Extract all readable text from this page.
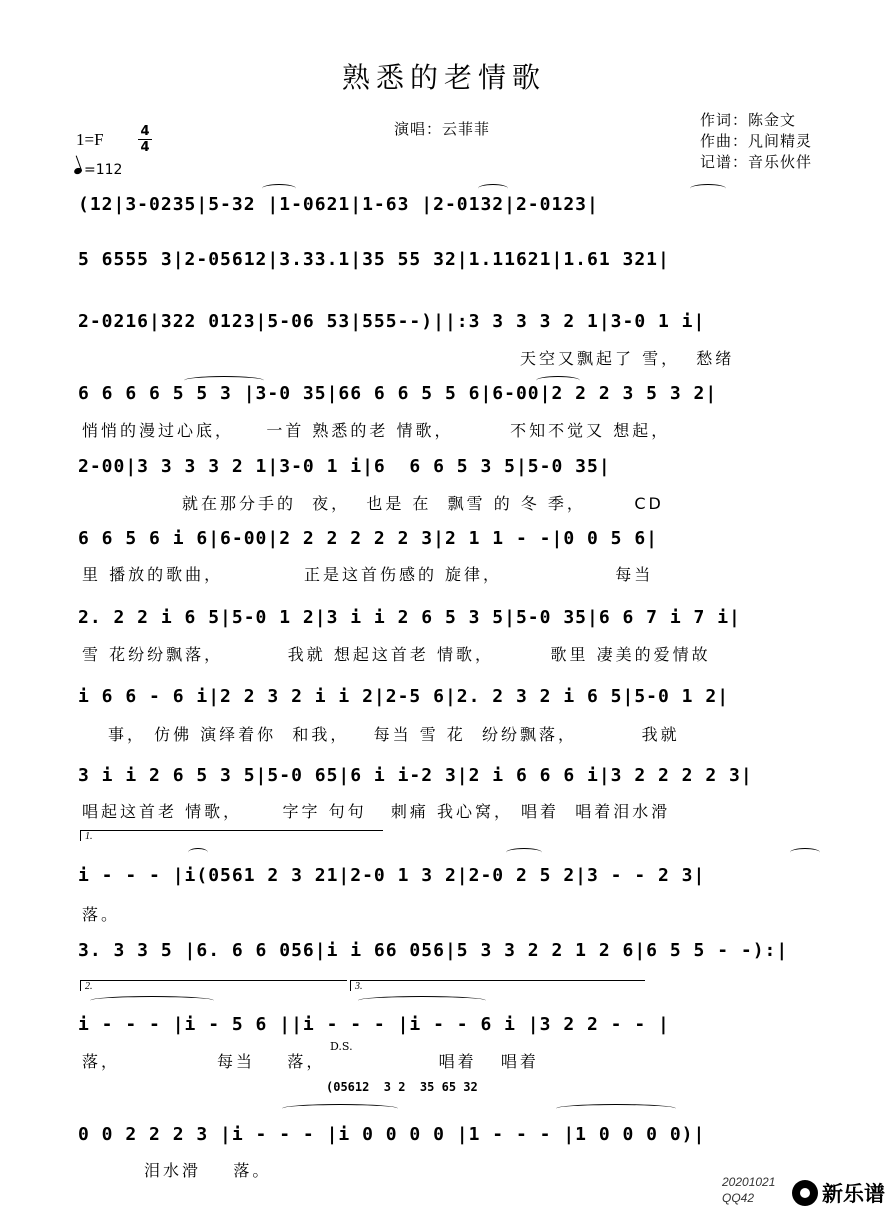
熟悉的老情歌
演唱：云菲菲	作词：陈金文
作曲：凡间精灵
记谱：音乐伙伴
1=F	$\frac{4}{4}$
=112
(12|3-0235|5-32 |1-0621|1-63 |2-0132|2-0123|
5 6555 3|2-05612|3.33.1|35 55 32|1.11621|1.61 321|
2-0216|322 0123|5-06 53|555--)||:3 3 3 3 2 1|3-0 1 i|
天空又飘起了 雪，  愁绪
6 6 6 6 5 5 3 |3-0 35|66 6 6 5 5 6|6-00|2 2 2 3 5 3 2|
悄悄的漫过心底，    一首 熟悉的老 情歌，       不知不觉又 想起，
2-00|3 3 3 3 2 1|3-0 1 i|6  6 6 5 3 5|5-0 35|
就在那分手的  夜，  也是 在  飘雪 的 冬 季，      CD
6 6 5 6 i 6|6-00|2 2 2 2 2 2 3|2 1 1 - -|0 0 5 6|
里 播放的歌曲，          正是这首伤感的 旋律，              每当
2. 2 2 i 6 5|5-0 1 2|3 i i 2 6 5 3 5|5-0 35|6 6 7 i 7 i|
雪 花纷纷飘落，        我就 想起这首老 情歌，       歌里 凄美的爱情故
i 6 6 - 6 i|2 2 3 2 i i 2|2-5 6|2. 2 3 2 i 6 5|5-0 1 2|
事， 仿佛 演绎着你  和我，   每当 雪 花  纷纷飘落，        我就
3 i i 2 6 5 3 5|5-0 65|6 i i-2 3|2 i 6 6 6 i|3 2 2 2 2 3|
唱起这首老 情歌，     字字 句句   刺痛 我心窝， 唱着  唱着泪水滑
1.
i - - - |i(0561 2 3 21|2-0 1 3 2|2-0 2 5 2|3 - - 2 3|
落。
3. 3 3 5 |6. 6 6 056|i i 66 056|5 3 3 2 2 1 2 6|6 5 5 - -):|
2.	3.
i - - - |i - 5 6 ||i - - - |i - - 6 i |3 2 2 - - |
D.S.
落，            每当    落，              唱着   唱着
(05612  3 2  35 65 32
0 0 2 2 2 3 |i - - - |i 0 0 0 0 |1 - - - |1 0 0 0 0)|
泪水滑    落。
20201021
QQ42	新乐谱
